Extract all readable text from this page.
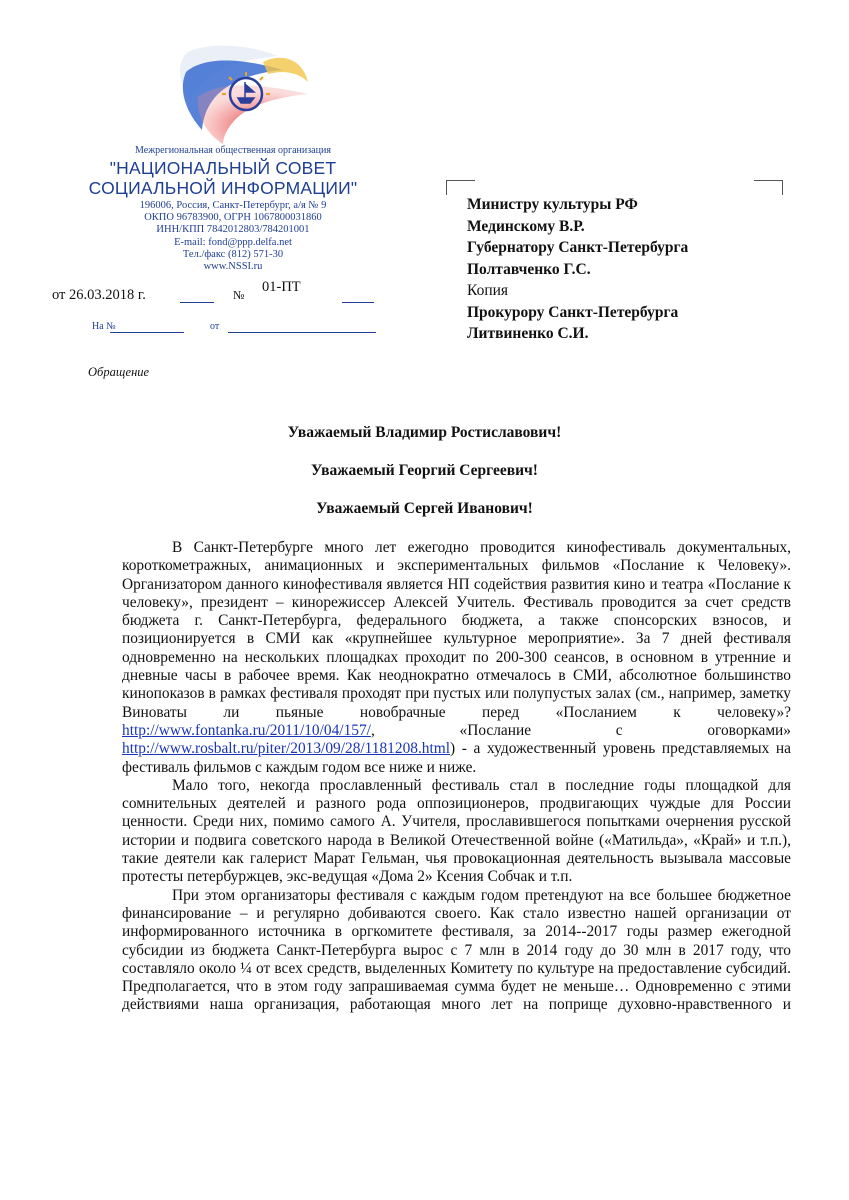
Межрегиональная общественная организация
"НАЦИОНАЛЬНЫЙ СОВЕТ
СОЦИАЛЬНОЙ ИНФОРМАЦИИ"
196006, Россия, Санкт-Петербург, а/я № 9
ОКПО 96783900, ОГРН 1067800031860
ИНН/КПП 7842012803/784201001
E-mail: fond@ppp.delfa.net
Тел./факс (812) 571-30
www.NSSI.ru
от 26.03.2018 г.	№ 01-ПТ
На №	от
Обращение
Министру культуры РФ
Мединскому В.Р.
Губернатору Санкт-Петербурга
Полтавченко Г.С.
Копия
Прокурору Санкт-Петербурга
Литвиненко С.И.
Уважаемый Владимир Ростиславович!
Уважаемый Георгий Сергеевич!
Уважаемый Сергей Иванович!

В Санкт-Петербурге много лет ежегодно проводится кинофестиваль документальных, короткометражных, анимационных и экспериментальных фильмов «Послание к Человеку». Организатором данного кинофестиваля является НП содействия развития кино и театра «Послание к человеку», президент – кинорежиссер Алексей Учитель. Фестиваль проводится за счет средств бюджета г. Санкт-Петербурга, федерального бюджета, а также спонсорских взносов, и позиционируется в СМИ как «крупнейшее культурное мероприятие». За 7 дней фестиваля одновременно на нескольких площадках проходит по 200-300 сеансов, в основном в утренние и дневные часы в рабочее время. Как неоднократно отмечалось в СМИ, абсолютное большинство кинопоказов в рамках фестиваля проходят при пустых или полупустых залах (см., например, заметку Виноваты ли пьяные новобрачные перед «Посланием к человеку»? http://www.fontanka.ru/2011/10/04/157/, «Послание с оговорками» http://www.rosbalt.ru/piter/2013/09/28/1181208.html) - а художественный уровень представляемых на фестиваль фильмов с каждым годом все ниже и ниже.

Мало того, некогда прославленный фестиваль стал в последние годы площадкой для сомнительных деятелей и разного рода оппозиционеров, продвигающих чуждые для России ценности. Среди них, помимо самого А. Учителя, прославившегося попытками очернения русской истории и подвига советского народа в Великой Отечественной войне («Матильда», «Край» и т.п.), такие деятели как галерист Марат Гельман, чья провокационная деятельность вызывала массовые протесты петербуржцев, экс-ведущая «Дома 2» Ксения Собчак и т.п.

При этом организаторы фестиваля с каждым годом претендуют на все большее бюджетное финансирование – и регулярно добиваются своего. Как стало известно нашей организации от информированного источника в оргкомитете фестиваля, за 2014--2017 годы размер ежегодной субсидии из бюджета Санкт-Петербурга вырос с 7 млн в 2014 году до 30 млн в 2017 году, что составляло около ¼ от всех средств, выделенных Комитету по культуре на предоставление субсидий. Предполагается, что в этом году запрашиваемая сумма будет не меньше… Одновременно с этими действиями наша организация, работающая много лет на поприще духовно-нравственного и
